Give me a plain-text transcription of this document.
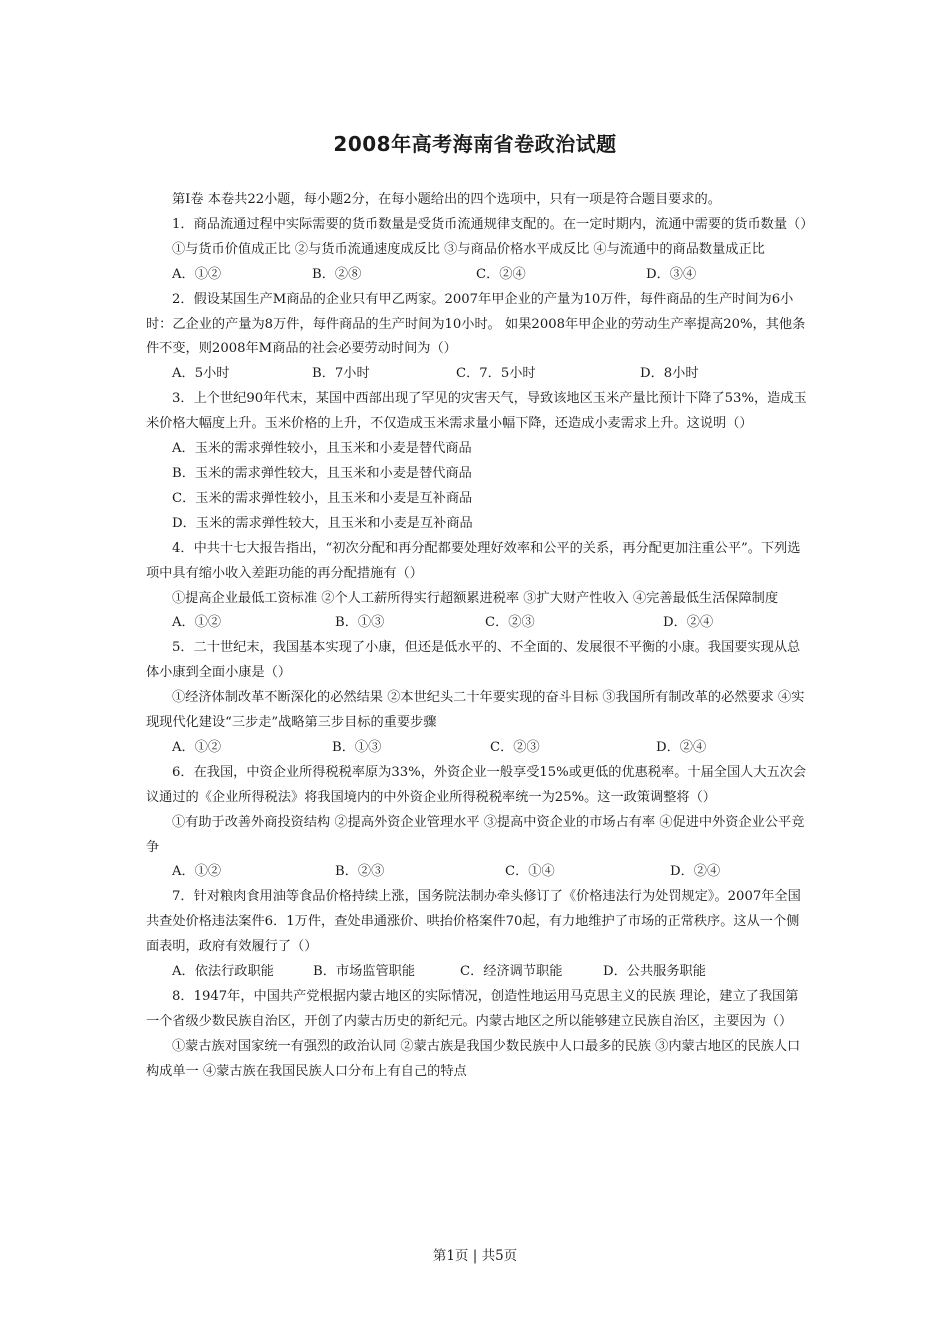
2008年高考海南省卷政治试题

第Ⅰ卷 本卷共22小题，每小题2分，在每小题给出的四个选项中，只有一项是符合题目要求的。

1．商品流通过程中实际需要的货币数量是受货币流通规律支配的。在一定时期内，流通中需要的货币数量（）

①与货币价值成正比 ②与货币流通速度成反比 ③与商品价格水平成反比 ④与流通中的商品数量成正比

A．①②	B．②⑧	C．②④	D．③④

2．假设某国生产M商品的企业只有甲乙两家。2007年甲企业的产量为10万件，每件商品的生产时间为6小时：乙企业的产量为8万件，每件商品的生产时间为10小时。 如果2008年甲企业的劳动生产率提高20%，其他条件不变，则2008年M商品的社会必要劳动时间为（）

A．5小时	B．7小时	C．7．5小时	D．8小时

3．上个世纪90年代末，某国中西部出现了罕见的灾害天气，导致该地区玉米产量比预计下降了53%，造成玉米价格大幅度上升。玉米价格的上升，不仅造成玉米需求量小幅下降，还造成小麦需求上升。这说明（）

A．玉米的需求弹性较小，且玉米和小麦是替代商品

B．玉米的需求弹性较大，且玉米和小麦是替代商品

C．玉米的需求弹性较小，且玉米和小麦是互补商品

D．玉米的需求弹性较大，且玉米和小麦是互补商品

4．中共十七大报告指出，“初次分配和再分配都要处理好效率和公平的关系，再分配更加注重公平”。下列选项中具有缩小收入差距功能的再分配措施有（）

①提高企业最低工资标准 ②个人工薪所得实行超额累进税率 ③扩大财产性收入 ④完善最低生活保障制度

A．①②	B．①③	C．②③	D．②④

5．二十世纪末，我国基本实现了小康，但还是低水平的、不全面的、发展很不平衡的小康。我国要实现从总体小康到全面小康是（）

①经济体制改革不断深化的必然结果 ②本世纪头二十年要实现的奋斗目标 ③我国所有制改革的必然要求 ④实现现代化建设“三步走”战略第三步目标的重要步骤

A．①②	B．①③	C．②③	D．②④

6．在我国，中资企业所得税税率原为33%，外资企业一般享受15%或更低的优惠税率。十届全国人大五次会议通过的《企业所得税法》将我国境内的中外资企业所得税税率统一为25%。这一政策调整将（）

①有助于改善外商投资结构 ②提高外资企业管理水平 ③提高中资企业的市场占有率 ④促进中外资企业公平竞争

A．①②	B．②③	C．①④	D．②④

7．针对粮肉食用油等食品价格持续上涨，国务院法制办牵头修订了《价格违法行为处罚规定》。2007年全国共查处价格违法案件6．1万件，查处串通涨价、哄抬价格案件70起，有力地维护了市场的正常秩序。这从一个侧面表明，政府有效履行了（）

A．依法行政职能	B．市场监管职能	C．经济调节职能	D．公共服务职能

8．1947年，中国共产党根据内蒙古地区的实际情况，创造性地运用马克思主义的民族 理论，建立了我国第一个省级少数民族自治区，开创了内蒙古历史的新纪元。内蒙古地区之所以能够建立民族自治区，主要因为（）

①蒙古族对国家统一有强烈的政治认同 ②蒙古族是我国少数民族中人口最多的民族 ③内蒙古地区的民族人口构成单一 ④蒙古族在我国民族人口分布上有自己的特点

第1页 | 共5页
